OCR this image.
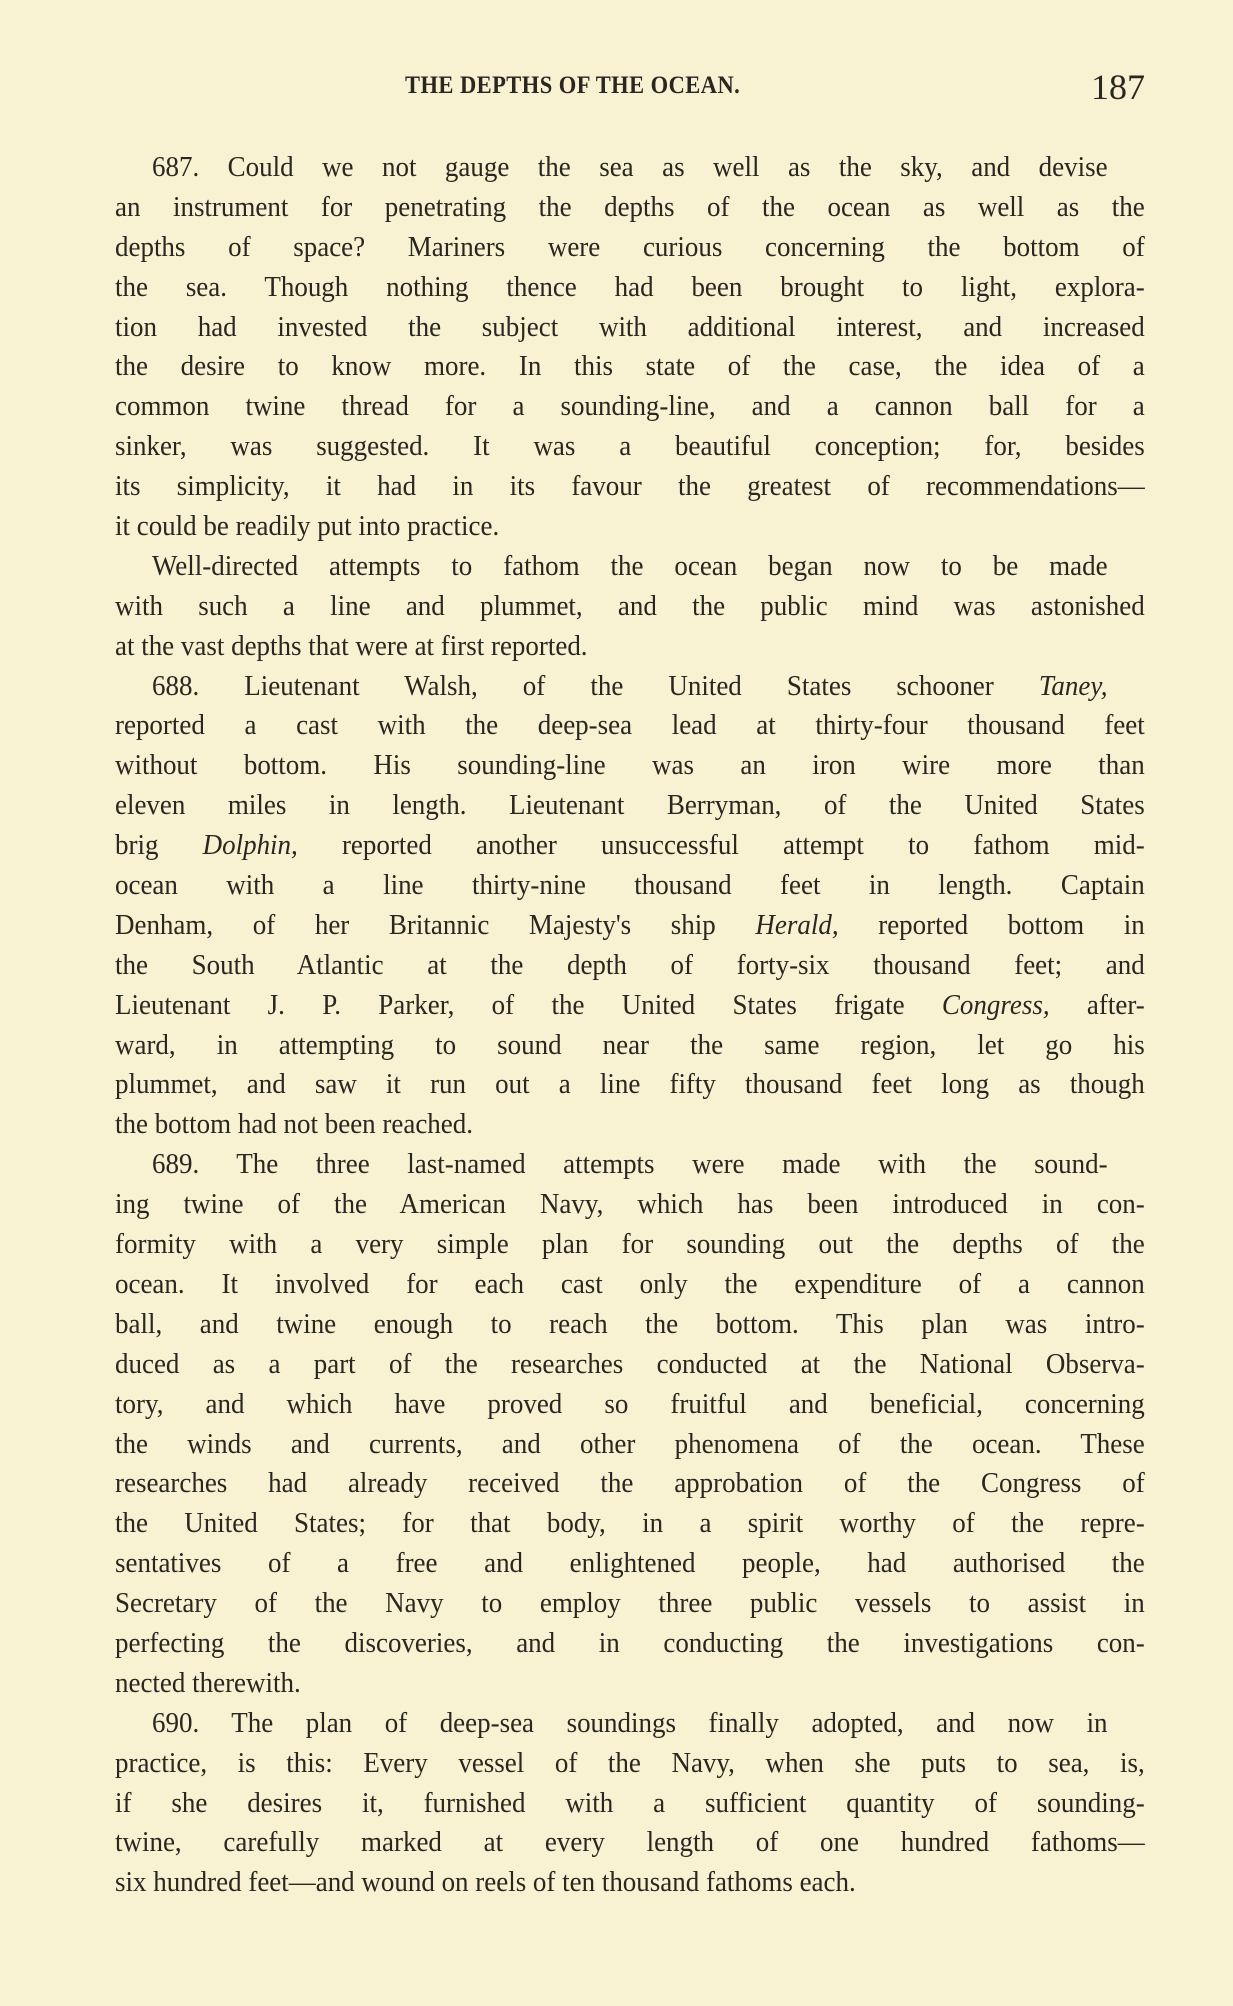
THE DEPTHS OF THE OCEAN.	187
687. Could we not gauge the sea as well as the sky, and devise
an instrument for penetrating the depths of the ocean as well as the
depths of space? Mariners were curious concerning the bottom of
the sea. Though nothing thence had been brought to light, explora-
tion had invested the subject with additional interest, and increased
the desire to know more. In this state of the case, the idea of a
common twine thread for a sounding-line, and a cannon ball for a
sinker, was suggested. It was a beautiful conception; for, besides
its simplicity, it had in its favour the greatest of recommendations—
it could be readily put into practice.
Well-directed attempts to fathom the ocean began now to be made
with such a line and plummet, and the public mind was astonished
at the vast depths that were at first reported.
688. Lieutenant Walsh, of the United States schooner Taney,
reported a cast with the deep-sea lead at thirty-four thousand feet
without bottom. His sounding-line was an iron wire more than
eleven miles in length. Lieutenant Berryman, of the United States
brig Dolphin, reported another unsuccessful attempt to fathom mid-
ocean with a line thirty-nine thousand feet in length. Captain
Denham, of her Britannic Majesty's ship Herald, reported bottom in
the South Atlantic at the depth of forty-six thousand feet; and
Lieutenant J. P. Parker, of the United States frigate Congress, after-
ward, in attempting to sound near the same region, let go his
plummet, and saw it run out a line fifty thousand feet long as though
the bottom had not been reached.
689. The three last-named attempts were made with the sound-
ing twine of the American Navy, which has been introduced in con-
formity with a very simple plan for sounding out the depths of the
ocean. It involved for each cast only the expenditure of a cannon
ball, and twine enough to reach the bottom. This plan was intro-
duced as a part of the researches conducted at the National Observa-
tory, and which have proved so fruitful and beneficial, concerning
the winds and currents, and other phenomena of the ocean. These
researches had already received the approbation of the Congress of
the United States; for that body, in a spirit worthy of the repre-
sentatives of a free and enlightened people, had authorised the
Secretary of the Navy to employ three public vessels to assist in
perfecting the discoveries, and in conducting the investigations con-
nected therewith.
690. The plan of deep-sea soundings finally adopted, and now in
practice, is this: Every vessel of the Navy, when she puts to sea, is,
if she desires it, furnished with a sufficient quantity of sounding-
twine, carefully marked at every length of one hundred fathoms—
six hundred feet—and wound on reels of ten thousand fathoms each.
